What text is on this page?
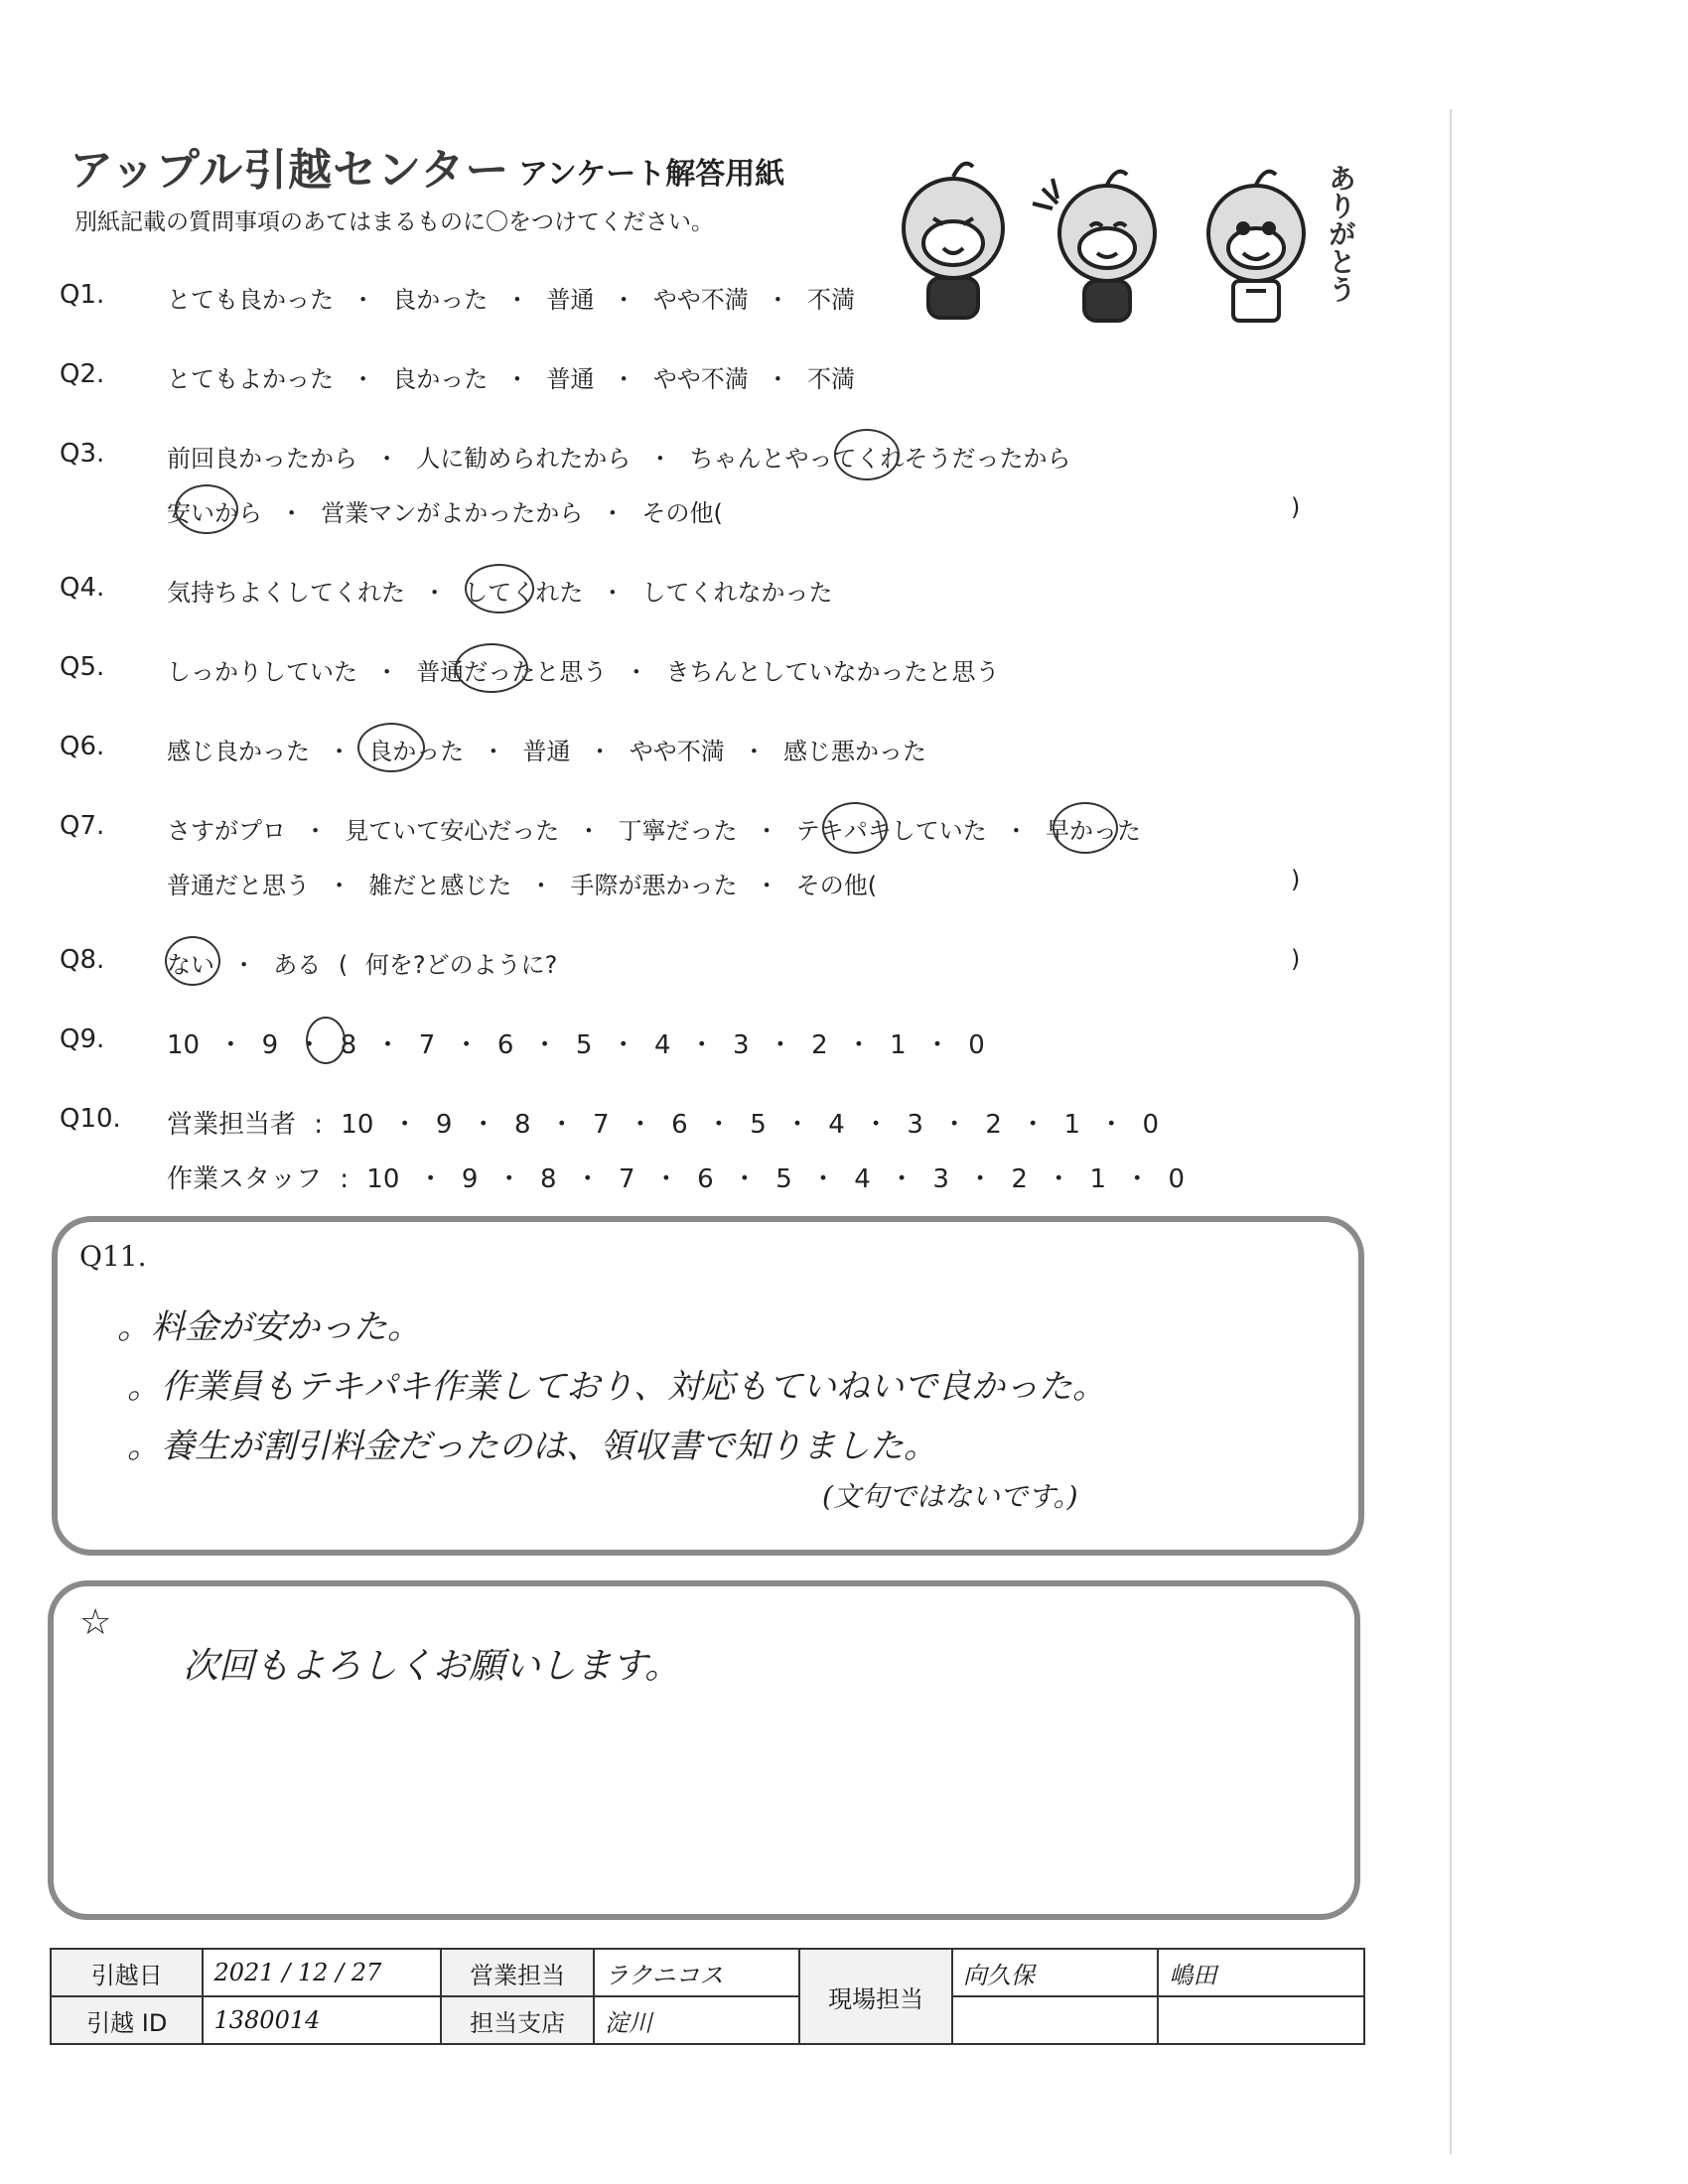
アップル引越センター アンケート解答用紙
別紙記載の質問事項のあてはまるものに〇をつけてください。	ありがとう
Q1.	とても良かった ・ 良かった ・ 普通 ・ やや不満 ・ 不満
Q2.	とてもよかった ・ 良かった ・ 普通 ・ やや不満 ・ 不満
Q3.	前回良かったから ・ 人に勧められたから ・ ちゃんとやってくれそうだったから
安いから ・ 営業マンがよかったから ・ その他(	)
Q4.	気持ちよくしてくれた ・ してくれた ・ してくれなかった
Q5.	しっかりしていた ・ 普通だったと思う ・ きちんとしていなかったと思う
Q6.	感じ良かった ・ 良かった ・ 普通 ・ やや不満 ・ 感じ悪かった
Q7.	さすがプロ ・ 見ていて安心だった ・ 丁寧だった ・ テキパキしていた ・ 早かった
普通だと思う ・ 雑だと感じた ・ 手際が悪かった ・ その他(	)
Q8.	ない ・ ある ( 何を?どのように?	)
Q9. 10 ・ 9 ・ 8 ・ 7 ・ 6 ・ 5 ・ 4 ・ 3 ・ 2 ・ 1 ・ 0
Q10. 営業担当者 : 10 ・ 9 ・ 8 ・ 7 ・ 6 ・ 5 ・ 4 ・ 3 ・ 2 ・ 1 ・ 0
作業スタッフ : 10 ・ 9 ・ 8 ・ 7 ・ 6 ・ 5 ・ 4 ・ 3 ・ 2 ・ 1 ・ 0
Q11.
。料金が安かった。
。作業員もテキパキ作業しており、対応もていねいで良かった。
。養生が割引料金だったのは、領収書で知りました。
(文句ではないです。)
☆
次回もよろしくお願いします。
引越日	2021 / 12 / 27	営業担当	ラクニコス	現場担当	向久保	嶋田
引越 ID	1380014	担当支店	淀川			
